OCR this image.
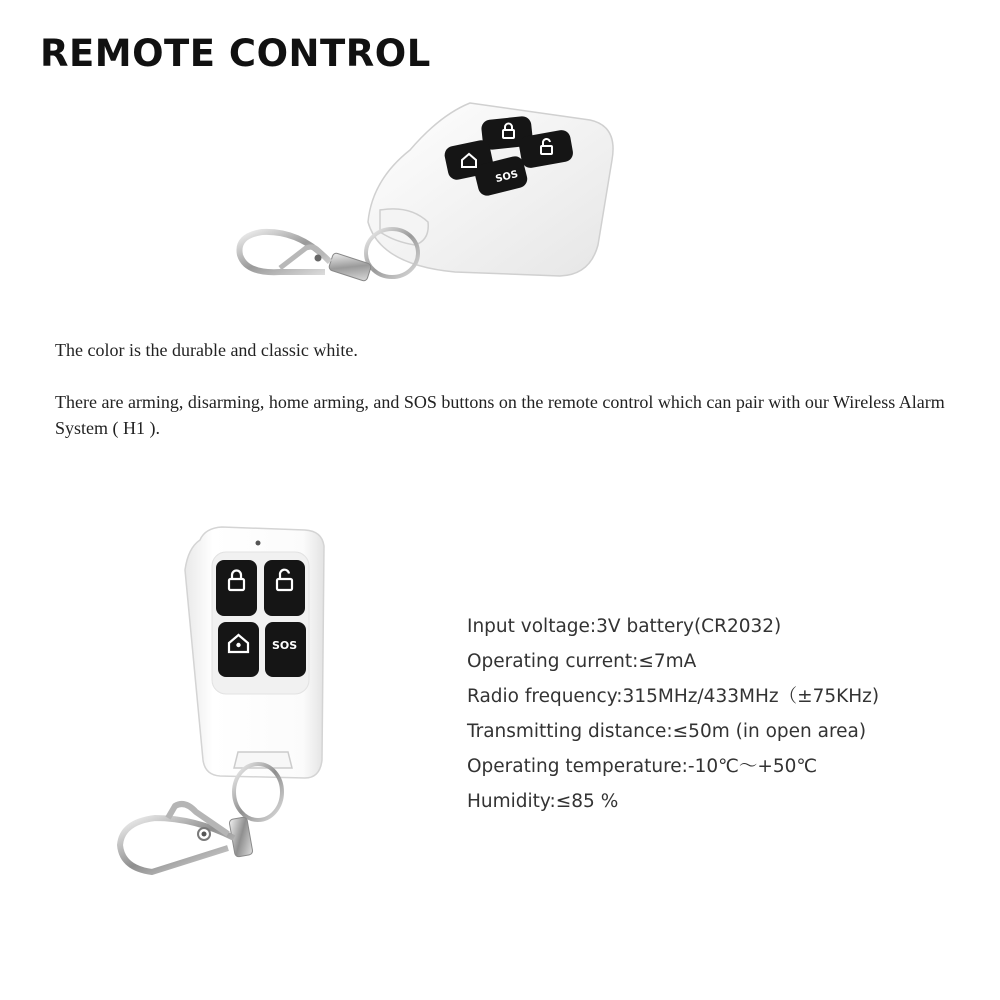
REMOTE CONTROL
SOS

The color is the durable and classic white.

There are arming, disarming, home arming, and SOS buttons on the remote control which can pair with our Wireless Alarm System ( H1 ).

SOS
Input voltage:3V battery(CR2032)
Operating current:≤7mA
Radio frequency:315MHz/433MHz（±75KHz)
Transmitting distance:≤50m (in open area)
Operating temperature:-10℃～+50℃
Humidity:≤85 %
